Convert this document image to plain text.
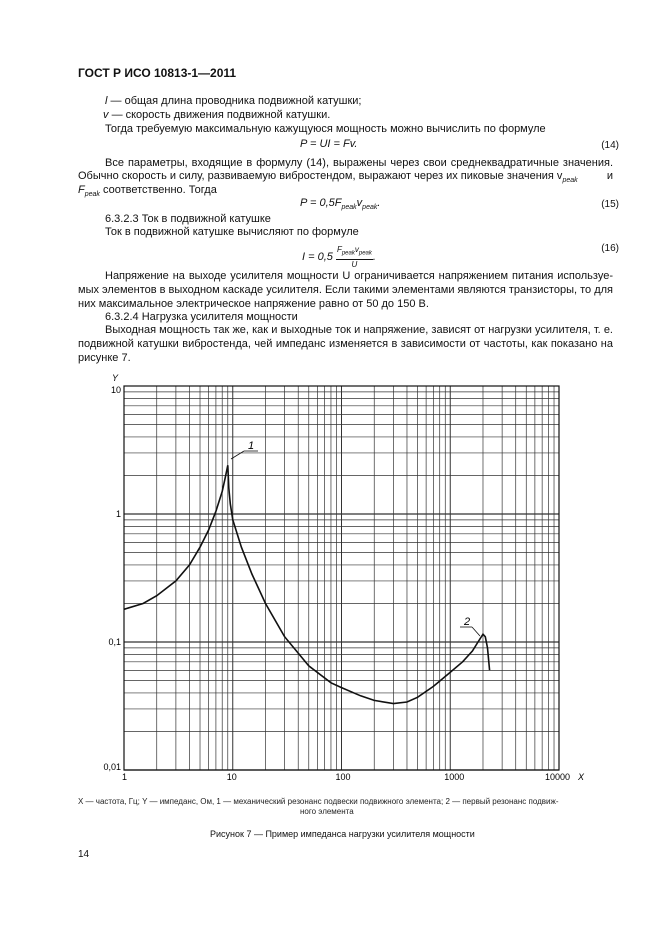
ГОСТ Р ИСО 10813-1—2011
l — общая длина проводника подвижной катушки;
v — скорость движения подвижной катушки.
Тогда требуемую максимальную кажущуюся мощность можно вычислить по формуле
P = UI = Fv.	(14)
Все параметры, входящие в формулу (14), выражены через свои среднеквадратичные значения.
Обычно скорость и силу, развиваемую вибростендом, выражают через их пиковые значения $v_{peak}$	и
$F_{peak}$ соответственно. Тогда
$P = 0,5F_{peak}v_{peak}$.	(15)
6.3.2.3 Ток в подвижной катушке
Ток в подвижной катушке вычисляют по формуле
I = 0,5
$F_{peak}v_{peak}$
U
.
(16)
Напряжение на выходе усилителя мощности U ограничивается напряжением питания используе-
мых элементов в выходном каскаде усилителя. Если такими элементами являются транзисторы, то для
них максимальное электрическое напряжение равно от 50 до 150 В.
6.3.2.4 Нагрузка усилителя мощности
Выходная мощность так же, как и выходные ток и напряжение, зависят от нагрузки усилителя, т. е.
подвижной катушки вибростенда, чей импеданс изменяется в зависимости от частоты, как показано на
рисунке 7.
1	10	100	1000	10000
0,01
0,1
1
10
1
2
Y
X
X — частота, Гц; Y — импеданс, Ом, 1 — механический резонанс подвески подвижного элемента; 2 — первый резонанс подвиж-
ного элемента
Рисунок 7 — Пример импеданса нагрузки усилителя мощности
14
